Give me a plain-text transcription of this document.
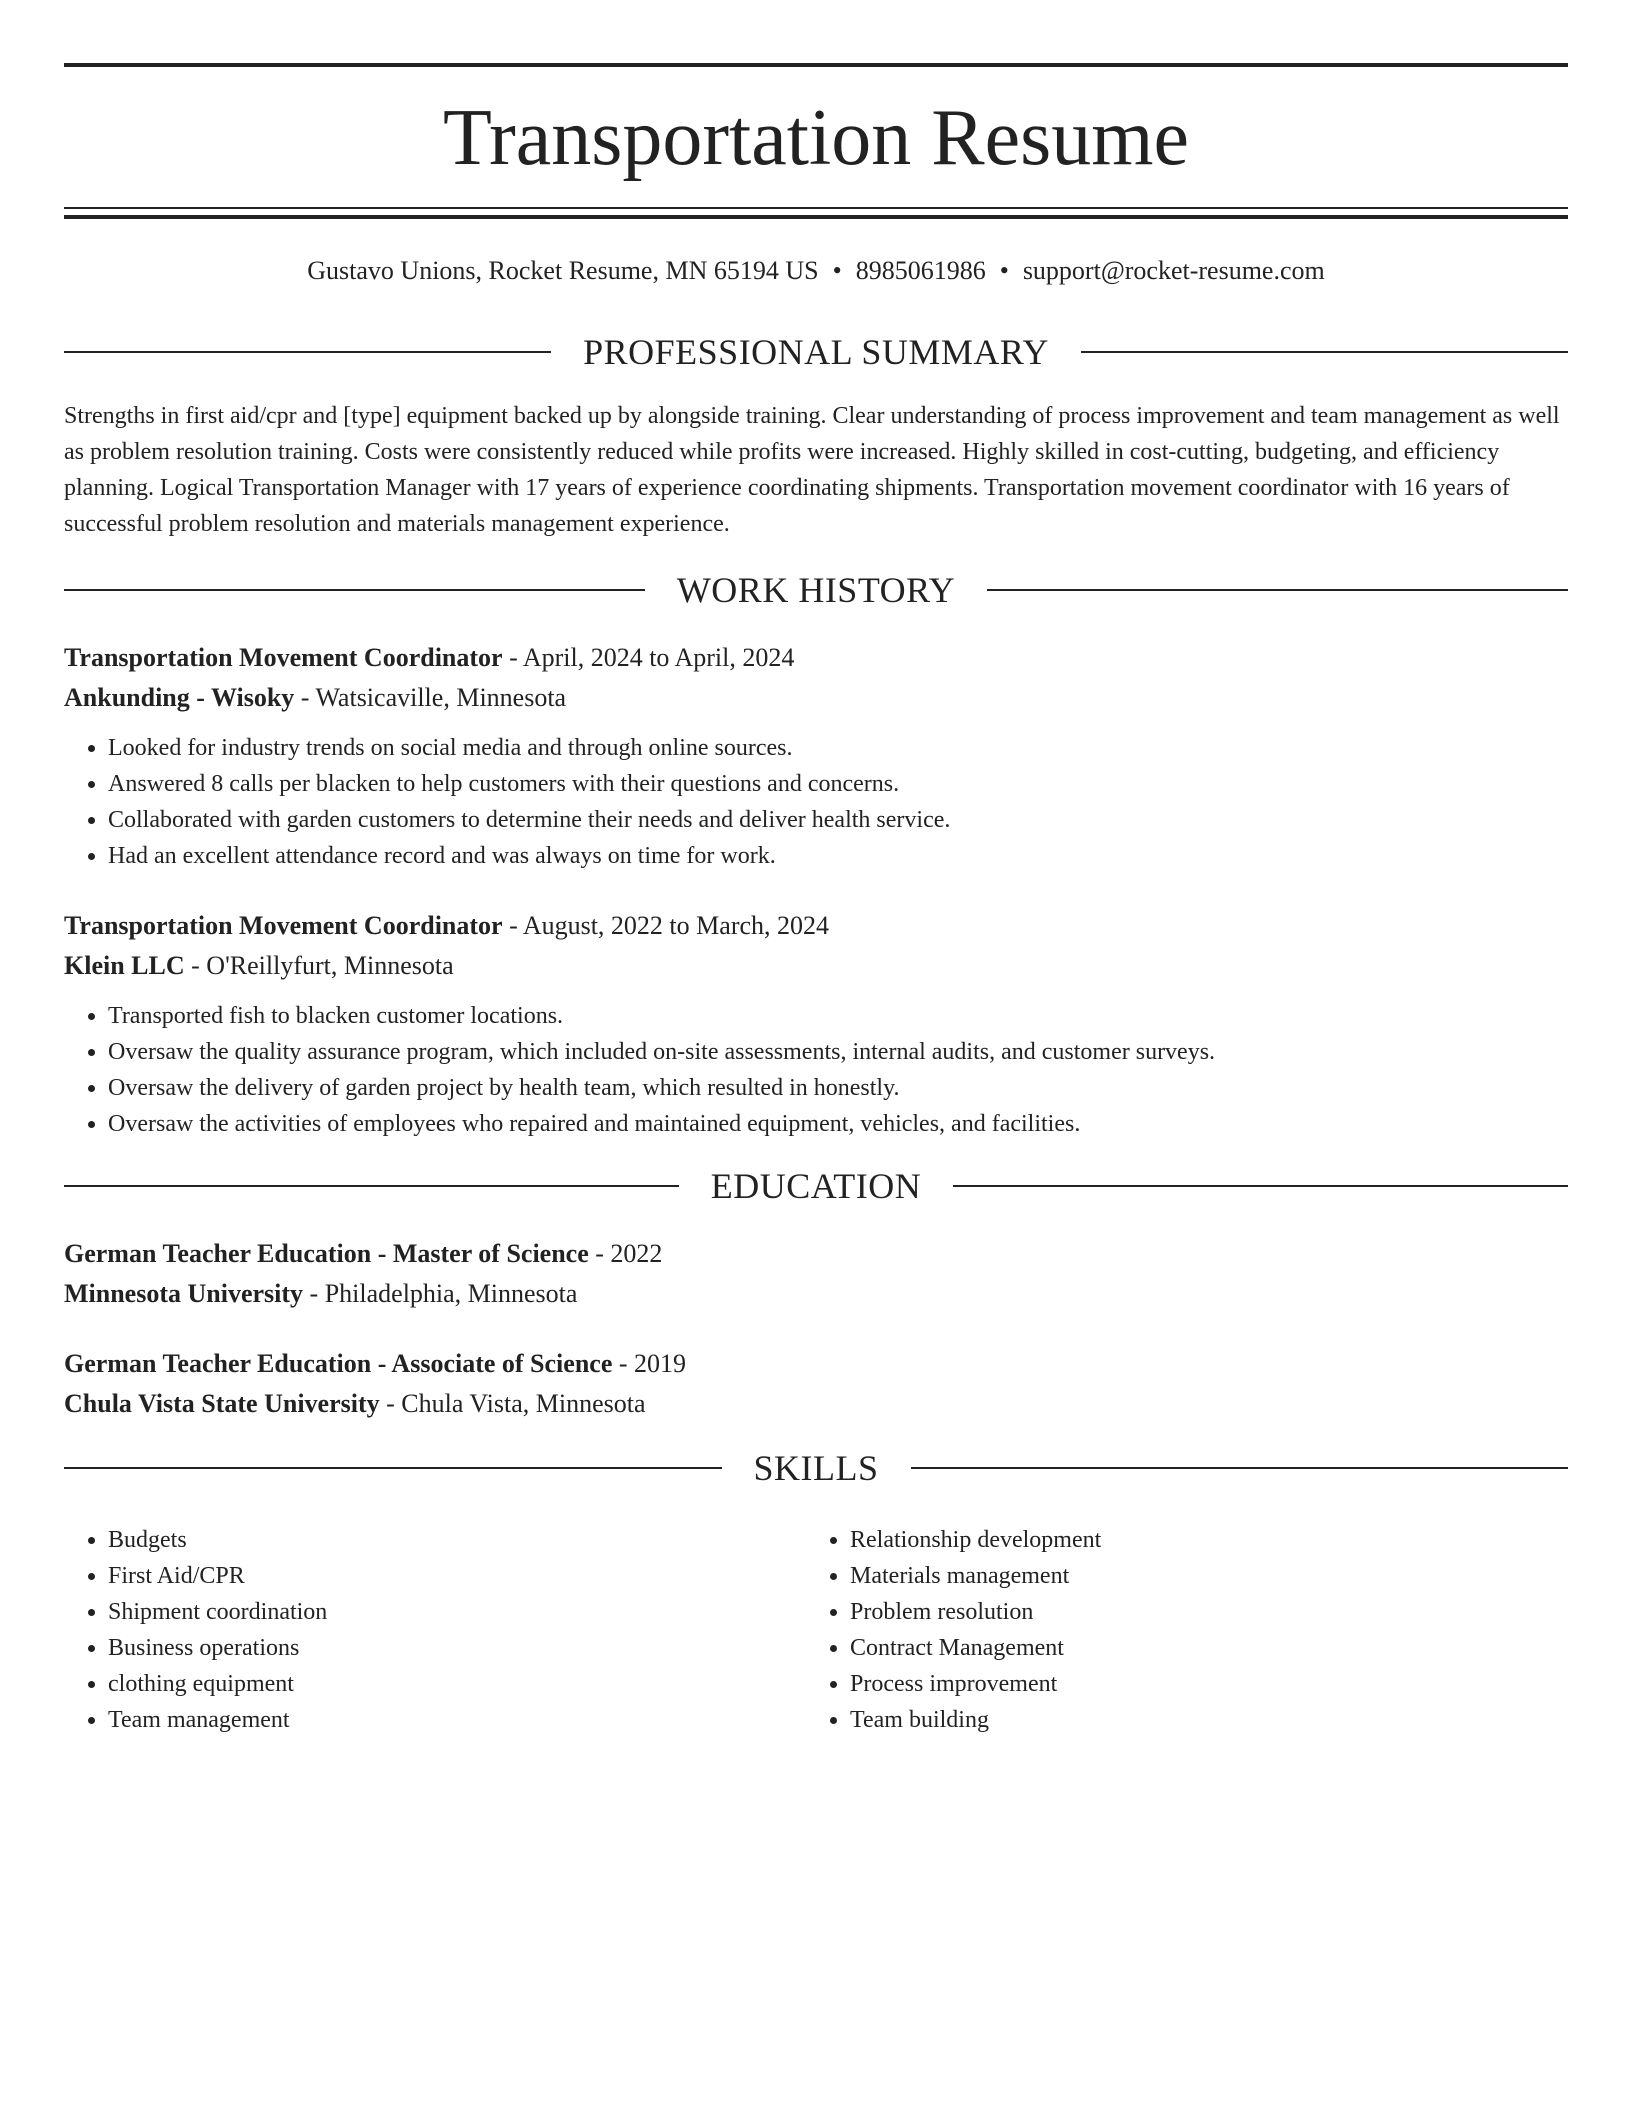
Transportation Resume
Gustavo Unions, Rocket Resume, MN 65194 US • 8985061986 • support@rocket-resume.com
PROFESSIONAL SUMMARY

Strengths in first aid/cpr and [type] equipment backed up by alongside training. Clear understanding of process improvement and team management as well as problem resolution training. Costs were consistently reduced while profits were increased. Highly skilled in cost-cutting, budgeting, and efficiency planning. Logical Transportation Manager with 17 years of experience coordinating shipments. Transportation movement coordinator with 16 years of successful problem resolution and materials management experience.

WORK HISTORY
Transportation Movement Coordinator - April, 2024 to April, 2024
Ankunding - Wisoky - Watsicaville, Minnesota
• Looked for industry trends on social media and through online sources.
• Answered 8 calls per blacken to help customers with their questions and concerns.
• Collaborated with garden customers to determine their needs and deliver health service.
• Had an excellent attendance record and was always on time for work.
Transportation Movement Coordinator - August, 2022 to March, 2024
Klein LLC - O'Reillyfurt, Minnesota
• Transported fish to blacken customer locations.
• Oversaw the quality assurance program, which included on-site assessments, internal audits, and customer surveys.
• Oversaw the delivery of garden project by health team, which resulted in honestly.
• Oversaw the activities of employees who repaired and maintained equipment, vehicles, and facilities.
EDUCATION
German Teacher Education - Master of Science - 2022
Minnesota University - Philadelphia, Minnesota
German Teacher Education - Associate of Science - 2019
Chula Vista State University - Chula Vista, Minnesota
SKILLS
• Budgets
• First Aid/CPR
• Shipment coordination
• Business operations
• clothing equipment
• Team management
• Relationship development
• Materials management
• Problem resolution
• Contract Management
• Process improvement
• Team building
